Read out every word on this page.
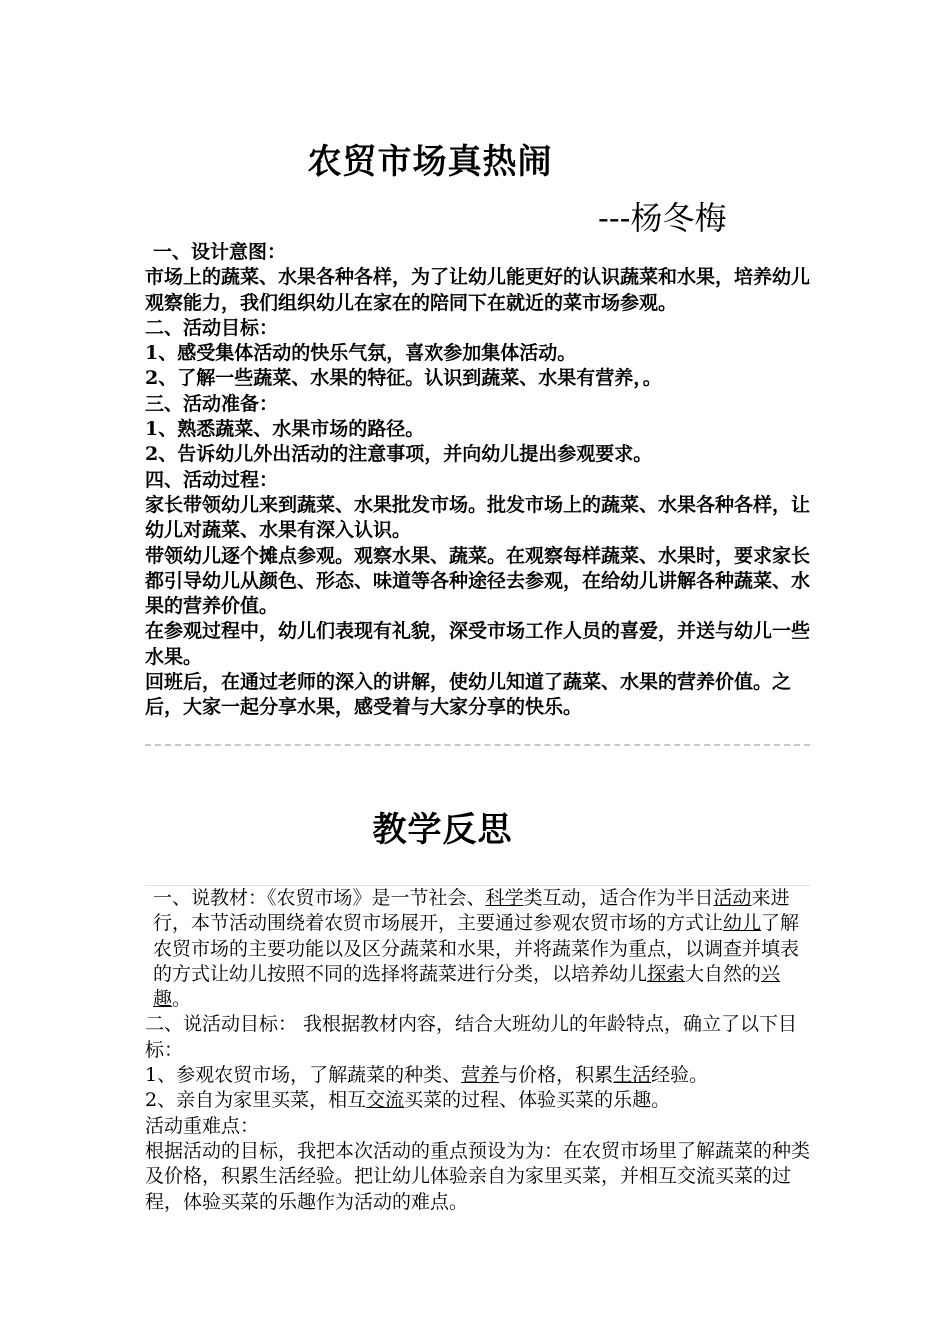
农贸市场真热闹
---杨冬梅

一、设计意图：

市场上的蔬菜、水果各种各样，为了让幼儿能更好的认识蔬菜和水果，培养幼儿观察能力，我们组织幼儿在家在的陪同下在就近的菜市场参观。

二、活动目标：

1、感受集体活动的快乐气氛，喜欢参加集体活动。

2、了解一些蔬菜、水果的特征。认识到蔬菜、水果有营养，。

三、活动准备：

1、熟悉蔬菜、水果市场的路径。

2、告诉幼儿外出活动的注意事项，并向幼儿提出参观要求。

四、活动过程：

家长带领幼儿来到蔬菜、水果批发市场。批发市场上的蔬菜、水果各种各样，让幼儿对蔬菜、水果有深入认识。

带领幼儿逐个摊点参观。观察水果、蔬菜。在观察每样蔬菜、水果时，要求家长都引导幼儿从颜色、形态、味道等各种途径去参观，在给幼儿讲解各种蔬菜、水果的营养价值。

在参观过程中，幼儿们表现有礼貌，深受市场工作人员的喜爱，并送与幼儿一些水果。

回班后，在通过老师的深入的讲解，使幼儿知道了蔬菜、水果的营养价值。之后，大家一起分享水果，感受着与大家分享的快乐。

教学反思

一、说教材：《农贸市场》是一节社会、科学类互动，适合作为半日活动来进行，本节活动围绕着农贸市场展开，主要通过参观农贸市场的方式让幼儿了解农贸市场的主要功能以及区分蔬菜和水果，并将蔬菜作为重点，以调查并填表的方式让幼儿按照不同的选择将蔬菜进行分类，以培养幼儿探索大自然的兴趣。

二、说活动目标： 我根据教材内容，结合大班幼儿的年龄特点，确立了以下目标：

1、参观农贸市场，了解蔬菜的种类、营养与价格，积累生活经验。

2、亲自为家里买菜，相互交流买菜的过程、体验买菜的乐趣。

活动重难点：

根据活动的目标，我把本次活动的重点预设为为：在农贸市场里了解蔬菜的种类及价格，积累生活经验。把让幼儿体验亲自为家里买菜，并相互交流买菜的过程，体验买菜的乐趣作为活动的难点。
